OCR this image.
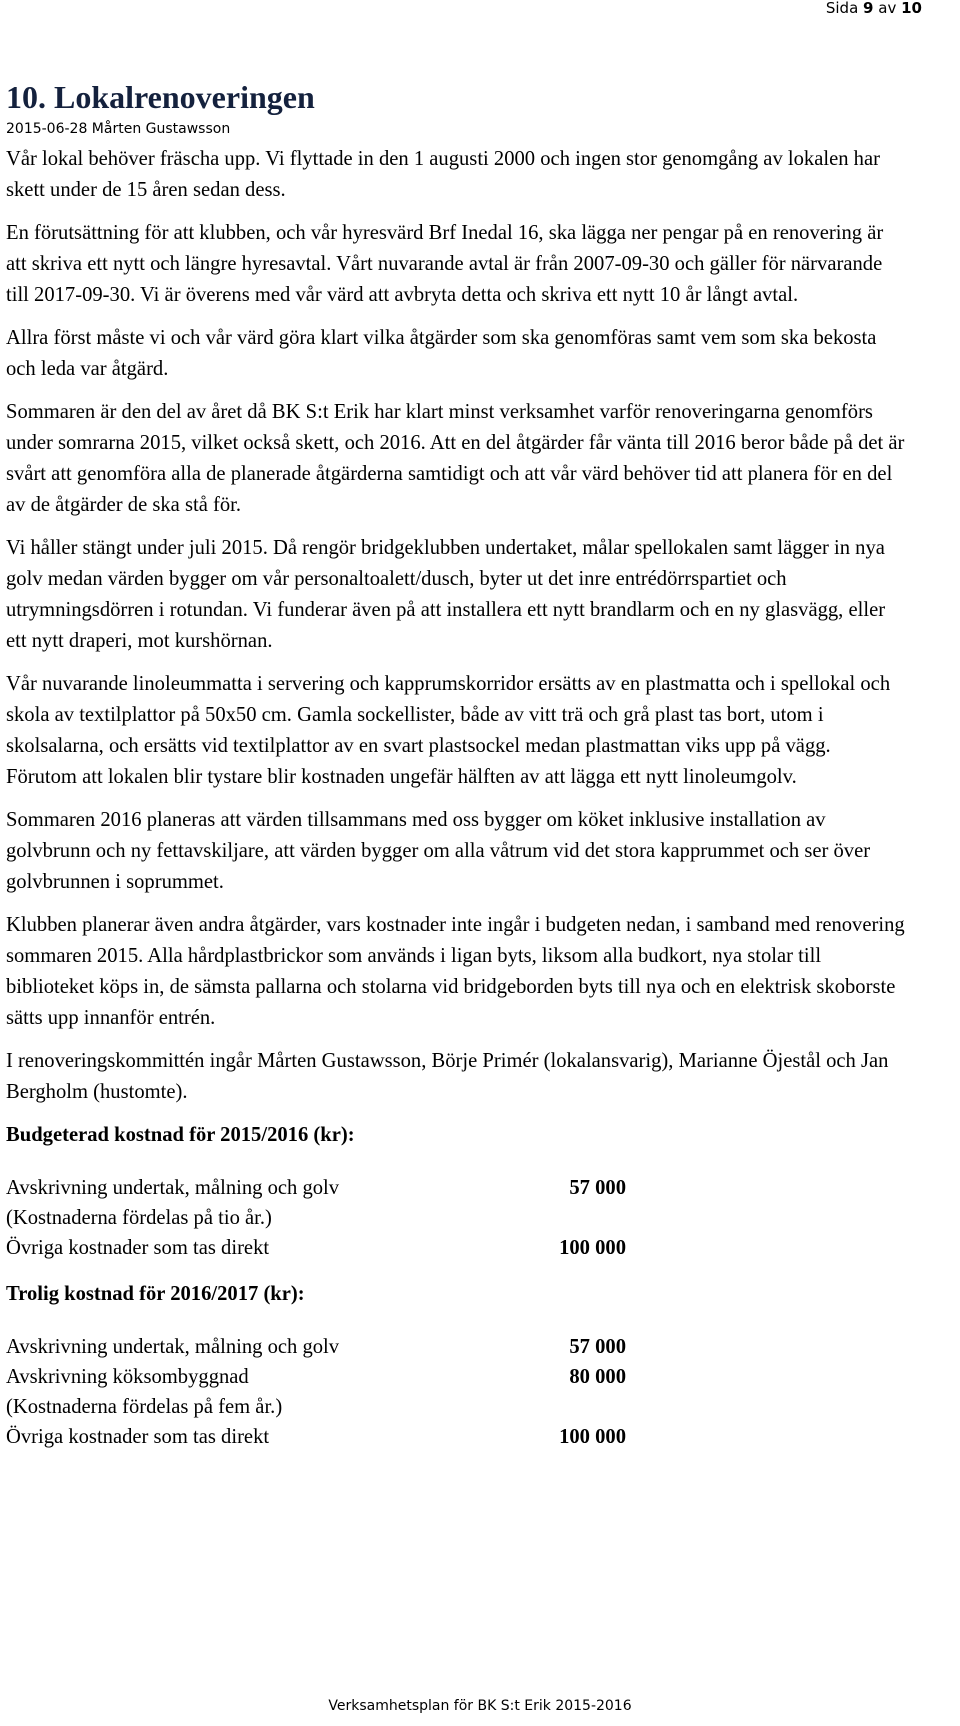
Sida 9 av 10
10. Lokalrenoveringen
2015-06-28 Mårten Gustawsson

Vår lokal behöver fräscha upp. Vi flyttade in den 1 augusti 2000 och ingen stor genomgång av lokalen har skett under de 15 åren sedan dess.

En förutsättning för att klubben, och vår hyresvärd Brf Inedal 16, ska lägga ner pengar på en renovering är att skriva ett nytt och längre hyresavtal. Vårt nuvarande avtal är från 2007-09-30 och gäller för närvarande till 2017-09-30. Vi är överens med vår värd att avbryta detta och skriva ett nytt 10 år långt avtal.

Allra först måste vi och vår värd göra klart vilka åtgärder som ska genomföras samt vem som ska bekosta och leda var åtgärd.

Sommaren är den del av året då BK S:t Erik har klart minst verksamhet varför renoveringarna genomförs under somrarna 2015, vilket också skett, och 2016. Att en del åtgärder får vänta till 2016 beror både på det är svårt att genomföra alla de planerade åtgärderna samtidigt och att vår värd behöver tid att planera för en del av de åtgärder de ska stå för.

Vi håller stängt under juli 2015. Då rengör bridgeklubben undertaket, målar spellokalen samt lägger in nya golv medan värden bygger om vår personaltoalett/dusch, byter ut det inre entrédörrspartiet och utrymningsdörren i rotundan. Vi funderar även på att installera ett nytt brandlarm och en ny glasvägg, eller ett nytt draperi, mot kurshörnan.

Vår nuvarande linoleummatta i servering och kapprumskorridor ersätts av en plastmatta och i spellokal och skola av textilplattor på 50x50 cm. Gamla sockellister, både av vitt trä och grå plast tas bort, utom i skolsalarna, och ersätts vid textilplattor av en svart plastsockel medan plastmattan viks upp på vägg. Förutom att lokalen blir tystare blir kostnaden ungefär hälften av att lägga ett nytt linoleumgolv.

Sommaren 2016 planeras att värden tillsammans med oss bygger om köket inklusive installation av golvbrunn och ny fettavskiljare, att värden bygger om alla våtrum vid det stora kapprummet och ser över golvbrunnen i soprummet.

Klubben planerar även andra åtgärder, vars kostnader inte ingår i budgeten nedan, i samband med renovering sommaren 2015. Alla hårdplastbrickor som används i ligan byts, liksom alla budkort, nya stolar till biblioteket köps in, de sämsta pallarna och stolarna vid bridgeborden byts till nya och en elektrisk skoborste sätts upp innanför entrén.

I renoveringskommittén ingår Mårten Gustawsson, Börje Primér (lokalansvarig), Marianne Öjestål och Jan Bergholm (hustomte).

Budgeterad kostnad för 2015/2016 (kr):
Avskrivning undertak, målning och golv	57 000
(Kostnaderna fördelas på tio år.)	
Övriga kostnader som tas direkt	100 000
Trolig kostnad för 2016/2017 (kr):
Avskrivning undertak, målning och golv	57 000
Avskrivning köksombyggnad	80 000
(Kostnaderna fördelas på fem år.)	
Övriga kostnader som tas direkt	100 000
Verksamhetsplan för BK S:t Erik 2015-2016
